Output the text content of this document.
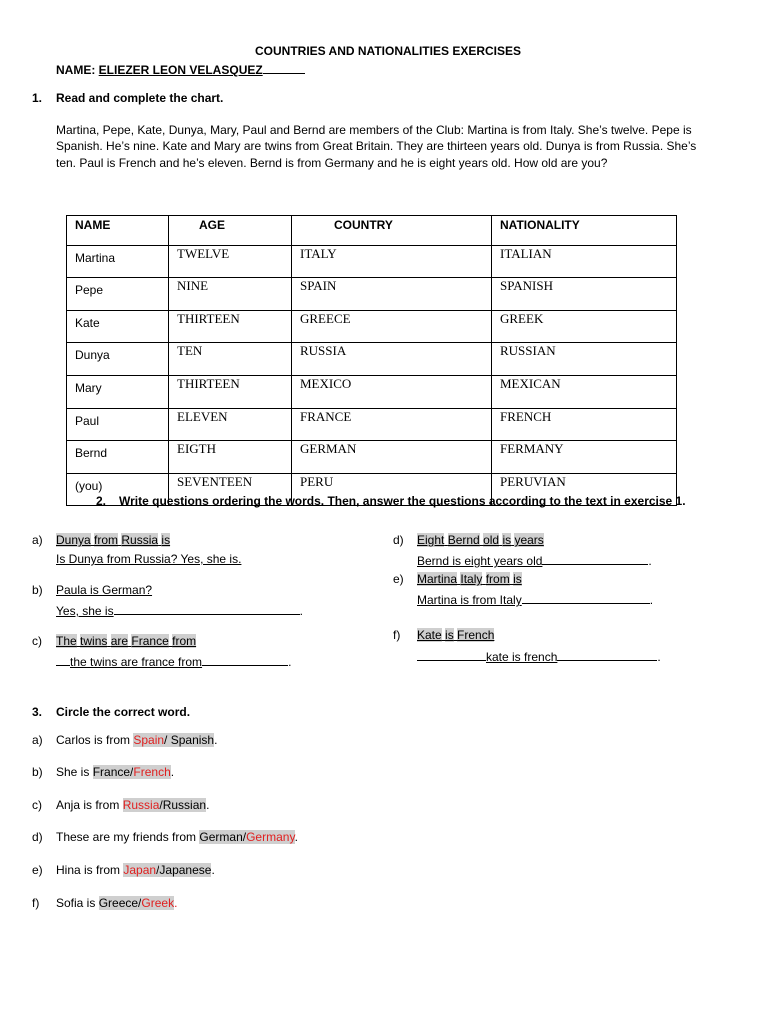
COUNTRIES AND NATIONALITIES EXERCISES
NAME: ELIEZER LEON VELASQUEZ
1. Read and complete the chart.
Martina, Pepe, Kate, Dunya, Mary, Paul and Bernd are members of the Club: Martina is from Italy. She’s twelve. Pepe is Spanish. He’s nine. Kate and Mary are twins from Great Britain. They are thirteen years old. Dunya is from Russia. She’s ten. Paul is French and he’s eleven. Bernd is from Germany and he is eight years old. How old are you?
NAME	AGE	COUNTRY	NATIONALITY
Martina	TWELVE	ITALY	ITALIAN
Pepe	NINE	SPAIN	SPANISH
Kate	THIRTEEN	GREECE	GREEK
Dunya	TEN	RUSSIA	RUSSIAN
Mary	THIRTEEN	MEXICO	MEXICAN
Paul	ELEVEN	FRANCE	FRENCH
Bernd	EIGTH	GERMAN	FERMANY
(you)	SEVENTEEN	PERU	PERUVIAN
2. Write questions ordering the words. Then, answer the questions according to the text in exercise 1.
a) Dunya from Russia is
Is Dunya from Russia? Yes, she is.
b) Paula is German?
Yes, she is	.
c) The twins are France from
the twins are france from	.
d) Eight Bernd old is years
Bernd is eight years old	.
e) Martina Italy from is
Martina is from Italy	.
f) Kate is French
kate is french	.
3. Circle the correct word.
a) Carlos is from Spain/ Spanish.
b) She is France/French.
c) Anja is from Russia/Russian.
d) These are my friends from German/Germany.
e) Hina is from Japan/Japanese.
f) Sofia is Greece/Greek.
